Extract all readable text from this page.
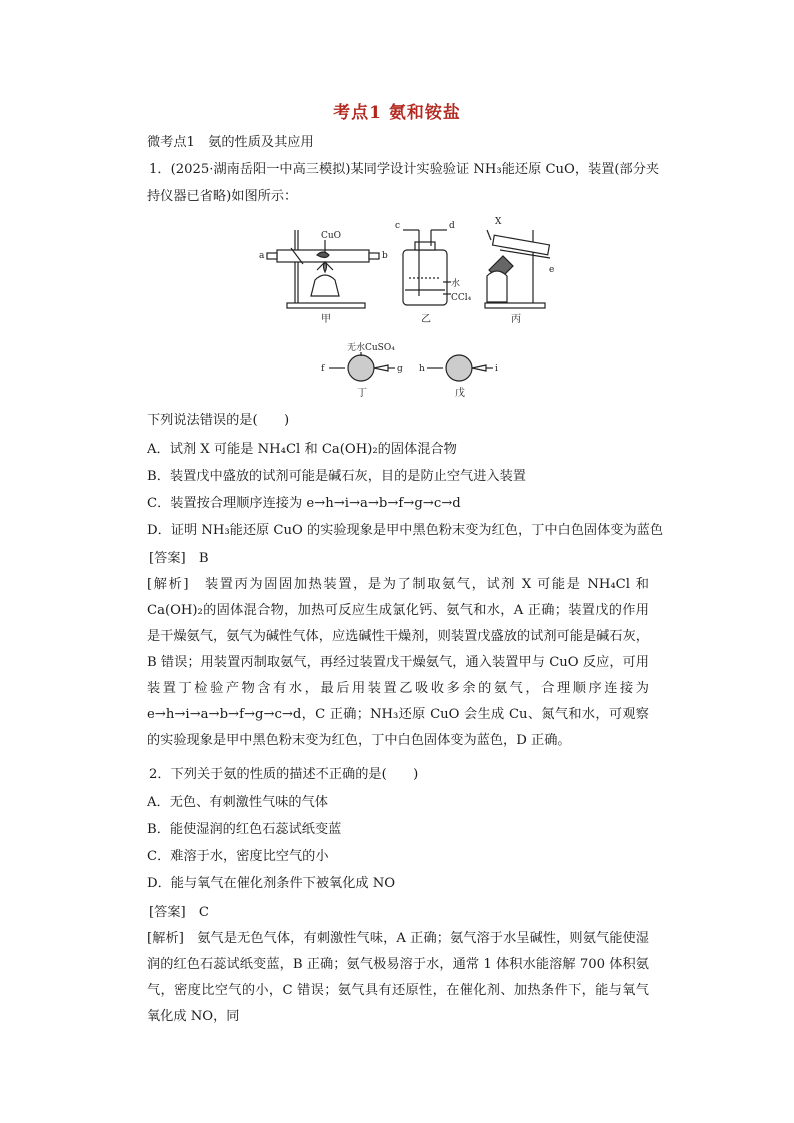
考点1 氨和铵盐
微考点1　氨的性质及其应用
1．(2025·湖南岳阳一中高三模拟)某同学设计实验验证 NH₃能还原 CuO，装置(部分夹
持仪器已省略)如图所示：
CuO
a	b
c	d	X
e
水
CCl₄
无水CuSO₄
f	g h	i
甲	乙	丙
丁	戊
下列说法错误的是(　　)
A．试剂 X 可能是 NH₄Cl 和 Ca(OH)₂的固体混合物
B．装置戊中盛放的试剂可能是碱石灰，目的是防止空气进入装置
C．装置按合理顺序连接为 e→h→i→a→b→f→g→c→d
D．证明 NH₃能还原 CuO 的实验现象是甲中黑色粉末变为红色，丁中白色固体变为蓝色
[答案]　 B
[解析]　装置丙为固固加热装置，是为了制取氨气，试剂 X 可能是 NH₄Cl 和 Ca(OH)₂的固体混合物，加热可反应生成氯化钙、氨气和水，A 正确；装置戊的作用是干燥氨气，氨气为碱性气体，应选碱性干燥剂，则装置戊盛放的试剂可能是碱石灰，B 错误；用装置丙制取氨气，再经过装置戊干燥氨气，通入装置甲与 CuO 反应，可用装置丁检验产物含有水，最后用装置乙吸收多余的氨气，合理顺序连接为 e→h→i→a→b→f→g→c→d，C 正确；NH₃还原 CuO 会生成 Cu、氮气和水，可观察的实验现象是甲中黑色粉末变为红色，丁中白色固体变为蓝色，D 正确。
2．下列关于氨的性质的描述不正确的是(　　)
A．无色、有刺激性气味的气体
B．能使湿润的红色石蕊试纸变蓝
C．难溶于水，密度比空气的小
D．能与氧气在催化剂条件下被氧化成 NO
[答案]　 C
[解析]　氨气是无色气体，有刺激性气味，A 正确；氨气溶于水呈碱性，则氨气能使湿润的红色石蕊试纸变蓝，B 正确；氨气极易溶于水，通常 1 体积水能溶解 700 体积氨气，密度比空气的小，C 错误；氨气具有还原性，在催化剂、加热条件下，能与氧气氧化成 NO，同
